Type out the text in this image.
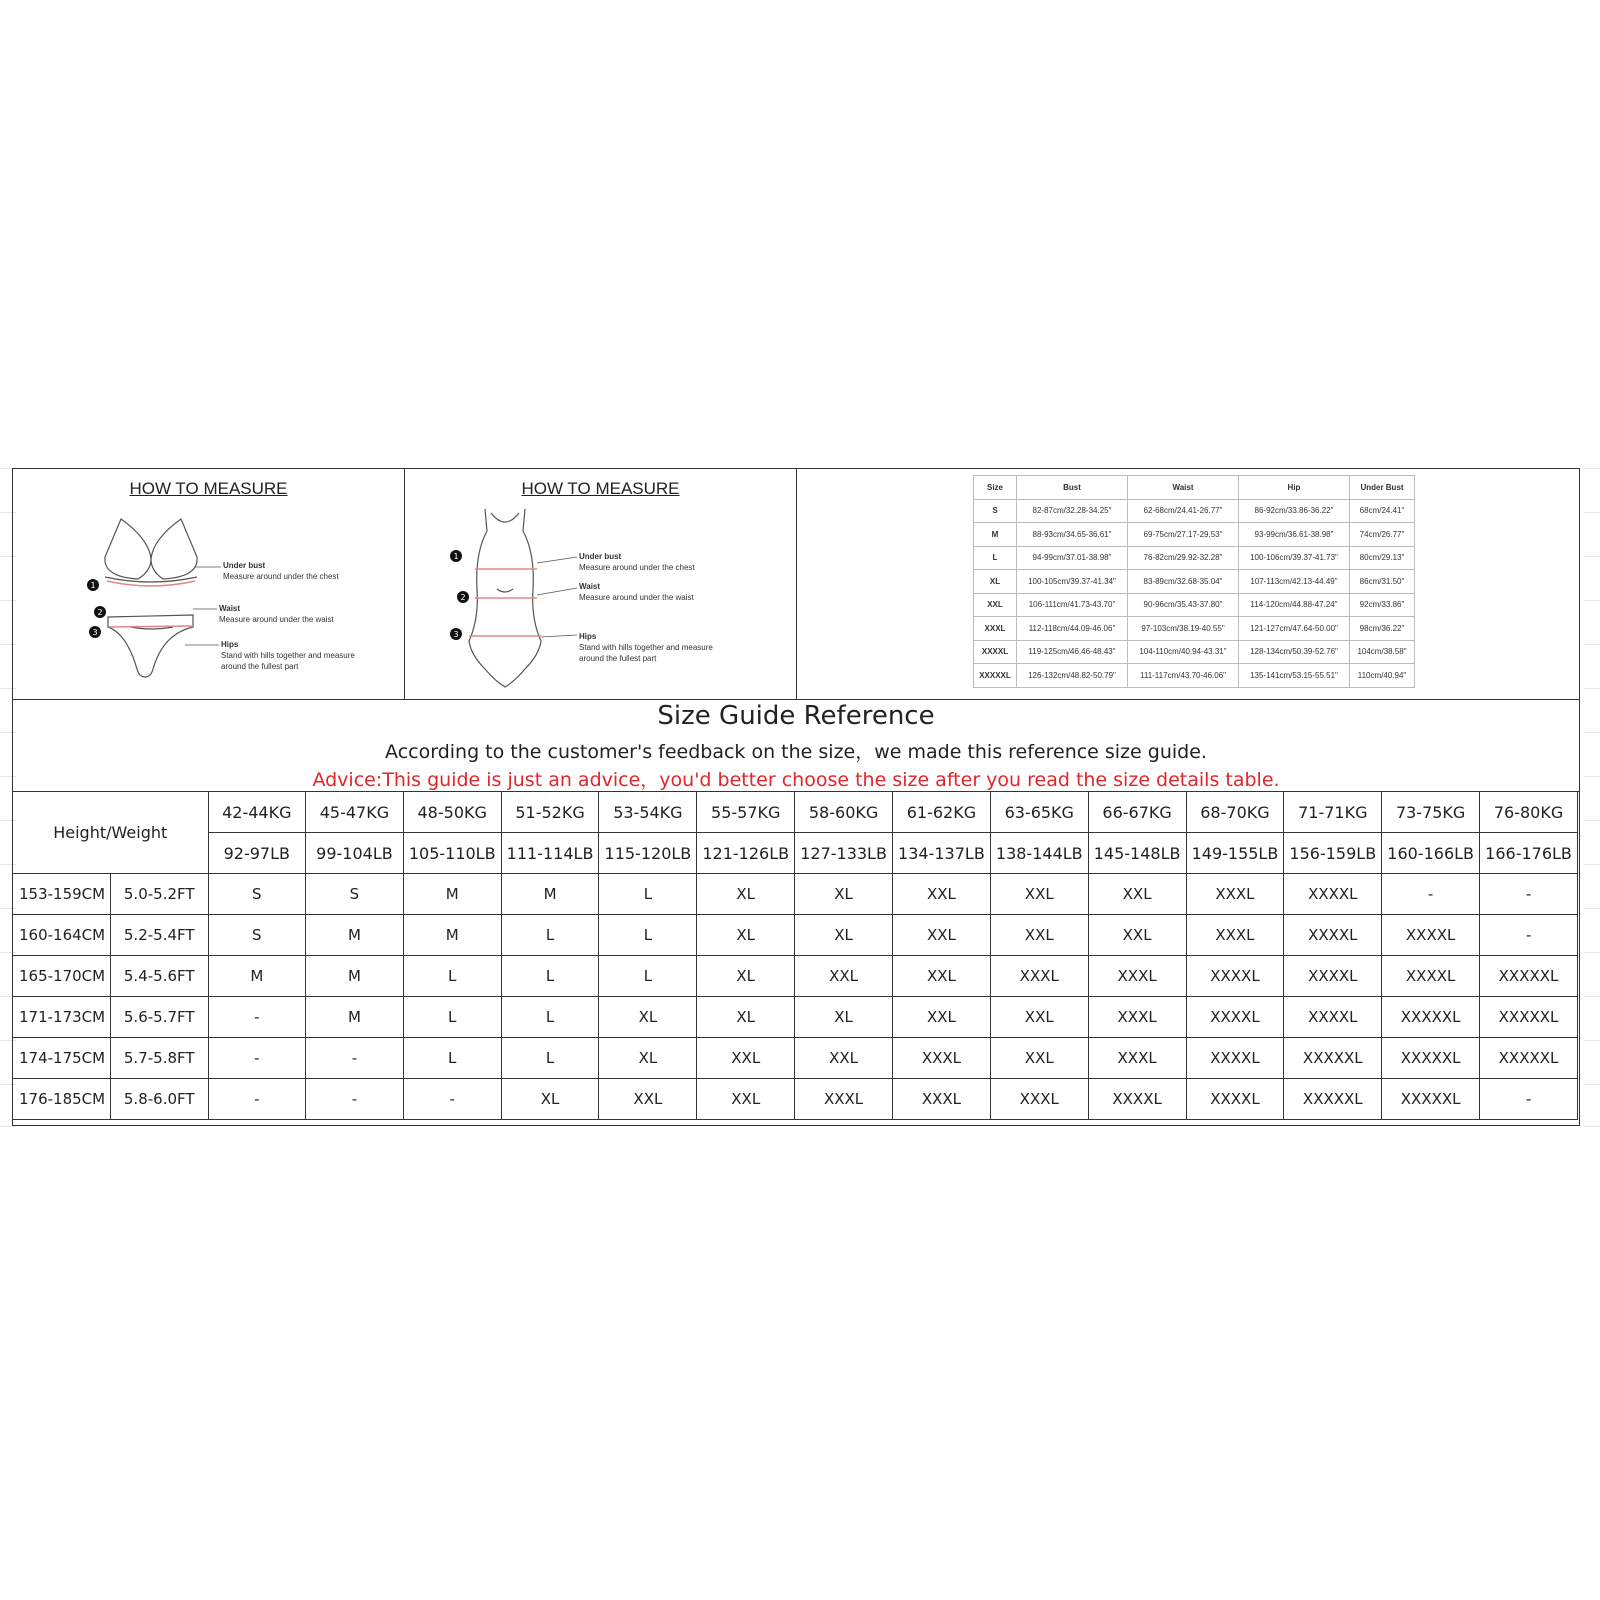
HOW TO MEASURE
1
2
3
Under bust
Measure around under the chest
Waist
Measure around under the waist
Hips
Stand with hills together and measure
around the fullest part
HOW TO MEASURE
1
2
3
Under bust
Measure around under the chest
Waist
Measure around under the waist
Hips
Stand with hills together and measure
around the fullest part
Size	Bust	Waist	Hip	Under Bust
S	82-87cm/32.28-34.25"	62-68cm/24.41-26.77"	86-92cm/33.86-36.22"	68cm/24.41"
M	88-93cm/34.65-36.61"	69-75cm/27.17-29.53"	93-99cm/36.61-38.98"	74cm/26.77"
L	94-99cm/37.01-38.98"	76-82cm/29.92-32.28"	100-106cm/39.37-41.73"	80cm/29.13"
XL	100-105cm/39.37-41.34"	83-89cm/32.68-35.04"	107-113cm/42.13-44.49"	86cm/31.50"
XXL	106-111cm/41.73-43.70"	90-96cm/35.43-37.80"	114-120cm/44.88-47.24"	92cm/33.86"
XXXL	112-118cm/44.09-46.06"	97-103cm/38.19-40.55"	121-127cm/47.64-50.00"	98cm/36.22"
XXXXL	119-125cm/46.46-48.43"	104-110cm/40.94-43.31"	128-134cm/50.39-52.76"	104cm/38.58"
XXXXXL	126-132cm/48.82-50.79"	111-117cm/43.70-46.06"	135-141cm/53.15-55.51"	110cm/40.94"
Size Guide Reference
According to the customer's feedback on the size，we made this reference size guide.
Advice:This guide is just an advice，you'd better choose the size after you read the size details table.
Height/Weight		42-44KG	45-47KG	48-50KG	51-52KG	53-54KG	55-57KG	58-60KG	61-62KG	63-65KG	66-67KG	68-70KG	71-71KG	73-75KG	76-80KG
		92-97LB	99-104LB	105-110LB	111-114LB	115-120LB	121-126LB	127-133LB	134-137LB	138-144LB	145-148LB	149-155LB	156-159LB	160-166LB	166-176LB
153-159CM	5.0-5.2FT	S	S	M	M	L	XL	XL	XXL	XXL	XXL	XXXL	XXXXL	-	-
160-164CM	5.2-5.4FT	S	M	M	L	L	XL	XL	XXL	XXL	XXL	XXXL	XXXXL	XXXXL	-
165-170CM	5.4-5.6FT	M	M	L	L	L	XL	XXL	XXL	XXXL	XXXL	XXXXL	XXXXL	XXXXL	XXXXXL
171-173CM	5.6-5.7FT	-	M	L	L	XL	XL	XL	XXL	XXL	XXXL	XXXXL	XXXXL	XXXXXL	XXXXXL
174-175CM	5.7-5.8FT	-	-	L	L	XL	XXL	XXL	XXXL	XXL	XXXL	XXXXL	XXXXXL	XXXXXL	XXXXXL
176-185CM	5.8-6.0FT	-	-	-	XL	XXL	XXL	XXXL	XXXL	XXXL	XXXXL	XXXXL	XXXXXL	XXXXXL	-
